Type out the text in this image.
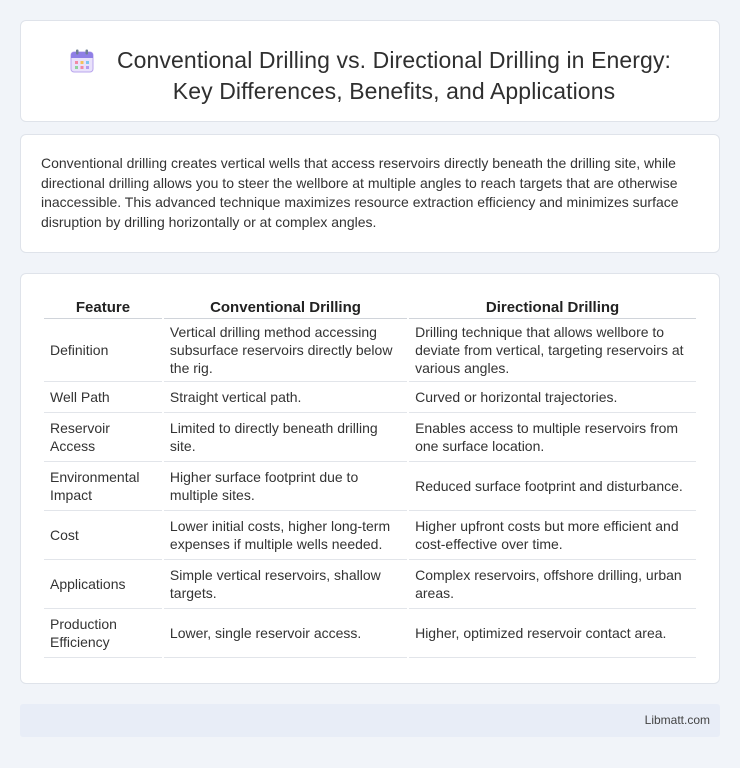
Conventional Drilling vs. Directional Drilling in Energy:
Key Differences, Benefits, and Applications

Conventional drilling creates vertical wells that access reservoirs directly beneath the drilling site, while directional drilling allows you to steer the wellbore at multiple angles to reach targets that are otherwise inaccessible. This advanced technique maximizes resource extraction efficiency and minimizes surface disruption by drilling horizontally or at complex angles.

Feature	Conventional Drilling	Directional Drilling
Definition	Vertical drilling method accessing subsurface reservoirs directly below the rig.	Drilling technique that allows wellbore to deviate from vertical, targeting reservoirs at various angles.
Well Path	Straight vertical path.	Curved or horizontal trajectories.
Reservoir Access	Limited to directly beneath drilling site.	Enables access to multiple reservoirs from one surface location.
Environmental Impact	Higher surface footprint due to multiple sites.	Reduced surface footprint and disturbance.
Cost	Lower initial costs, higher long-term expenses if multiple wells needed.	Higher upfront costs but more efficient and cost-effective over time.
Applications	Simple vertical reservoirs, shallow targets.	Complex reservoirs, offshore drilling, urban areas.
Production Efficiency	Lower, single reservoir access.	Higher, optimized reservoir contact area.
Libmatt.com
